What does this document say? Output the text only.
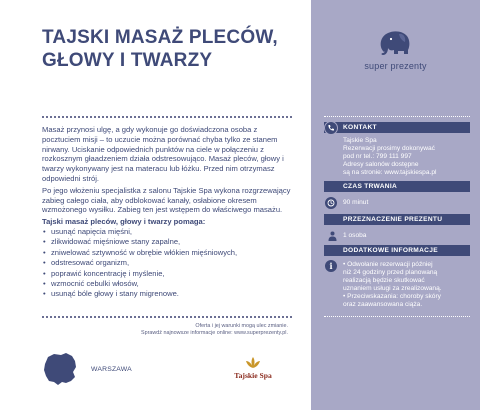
TAJSKI MASAŻ PLECÓW, GŁOWY I TWARZY

Masaż przynosi ulgę, a gdy wykonuje go doświadczona osoba z pocztuciem misji – to uczucie można porównać chyba tylko ze stanem nirwany. Uciskanie odpowiednich punktów na ciele w połączeniu z rozkosznym głaadzeniem działa odstresowująco. Masaż pleców, głowy i twarzy wykonywany jest na materacu lub łóżku. Przed nim otrzymasz odpowiedni strój.

Po jego włożeniu specjalistka z salonu Tajskie Spa wykona rozgrzewający zabieg całego ciała, aby odblokować kanały, osłabione okresem wzmożonego wysiłku. Zabieg ten jest wstępem do właściwego masażu.

Tajski masaż pleców, głowy i twarzy pomaga:
• usunąć napięcia mięśni,
• zlikwidować mięśniowe stany zapalne,
• zniwelować sztywność w obrębie włókien mięśniowych,
• odstresować organizm,
• poprawić koncentrację i myślenie,
• wzmocnić cebulki włosów,
• usunąć bóle głowy i stany migrenowe.
Oferta i jej warunki mogą ulec zmianie.
Sprawdź najnowsze informacje online: www.superprezenty.pl.
WARSZAWA
Tajskie Spa
super prezenty
KONTAKT
Tajskie Spa
Rezerwacji prosimy dokonywać
pod nr tel.: 799 111 997
Adresy salonów dostępne
są na stronie: www.tajskiespa.pl
CZAS TRWANIA
90 minut
PRZEZNACZENIE PREZENTU
1 osoba
DODATKOWE INFORMACJE
i • Odwołanie rezerwacji później
niż 24 godziny przed planowaną
realizacją będzie skutkować
uznaniem usługi za zrealizowaną.
• Przeciwskazania: choroby skóry
oraz zaawansowana ciąża.
